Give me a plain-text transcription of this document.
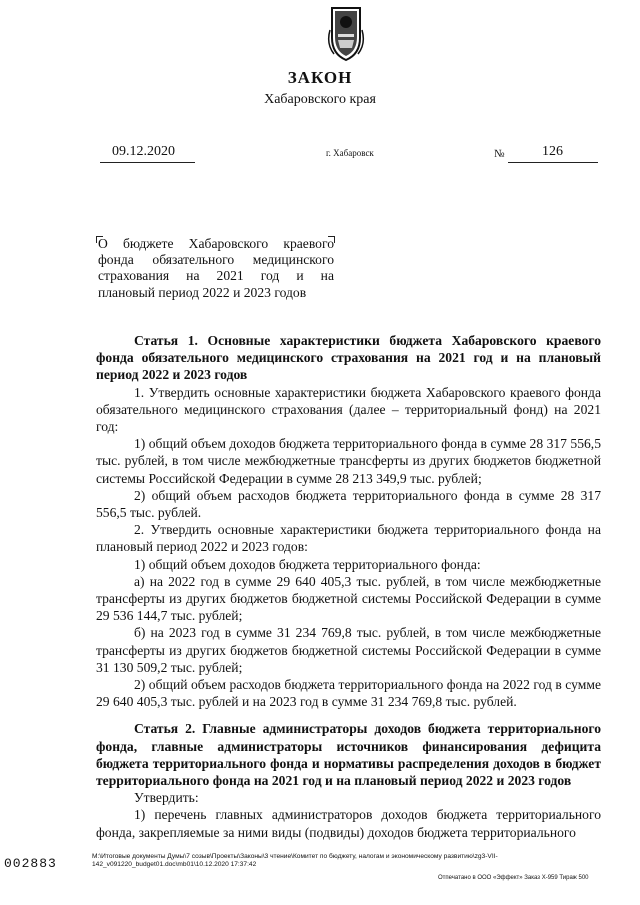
ЗАКОН
Хабаровского края
09.12.2020	г. Хабаровск	№	126

О бюджете Хабаровского краевого

фонда обязательного медицинского

страхования на 2021 год и на

плановый период 2022 и 2023 годов

Статья 1. Основные характеристики бюджета Хабаровского краевого фонда обязательного медицинского страхования на 2021 год и на плановый период 2022 и 2023 годов

1. Утвердить основные характеристики бюджета Хабаровского краевого фонда обязательного медицинского страхования (далее – территориальный фонд) на 2021 год:

1) общий объем доходов бюджета территориального фонда в сумме 28 317 556,5 тыс. рублей, в том числе межбюджетные трансферты из других бюджетов бюджетной системы Российской Федерации в сумме 28 213 349,9 тыс. рублей;

2) общий объем расходов бюджета территориального фонда в сумме 28 317 556,5 тыс. рублей.

2. Утвердить основные характеристики бюджета территориального фонда на плановый период 2022 и 2023 годов:

1) общий объем доходов бюджета территориального фонда:

а) на 2022 год в сумме 29 640 405,3 тыс. рублей, в том числе межбюджетные трансферты из других бюджетов бюджетной системы Российской Федерации в сумме 29 536 144,7 тыс. рублей;

б) на 2023 год в сумме 31 234 769,8 тыс. рублей, в том числе межбюджетные трансферты из других бюджетов бюджетной системы Российской Федерации в сумме 31 130 509,2 тыс. рублей;

2) общий объем расходов бюджета территориального фонда на 2022 год в сумме 29 640 405,3 тыс. рублей и на 2023 год в сумме 31 234 769,8 тыс. рублей.

Статья 2. Главные администраторы доходов бюджета территориального фонда, главные администраторы источников финансирования дефицита бюджета территориального фонда и нормативы распределения доходов в бюджет территориального фонда на 2021 год и на плановый период 2022 и 2023 годов

Утвердить:

1) перечень главных администраторов доходов бюджета территориального фонда, закрепляемые за ними виды (подвиды) доходов бюджета территориального

002883	M:\Итоговые документы Думы\7 созыв\Проекты\Законы\3 чтение\Комитет по бюджету, налогам и экономическому развитию\zg3-VII-142_v091220_budget01.doc\mb01\10.12.2020 17:37:42
Отпечатано в ООО «Эффект» Заказ X-959 Тираж 500
